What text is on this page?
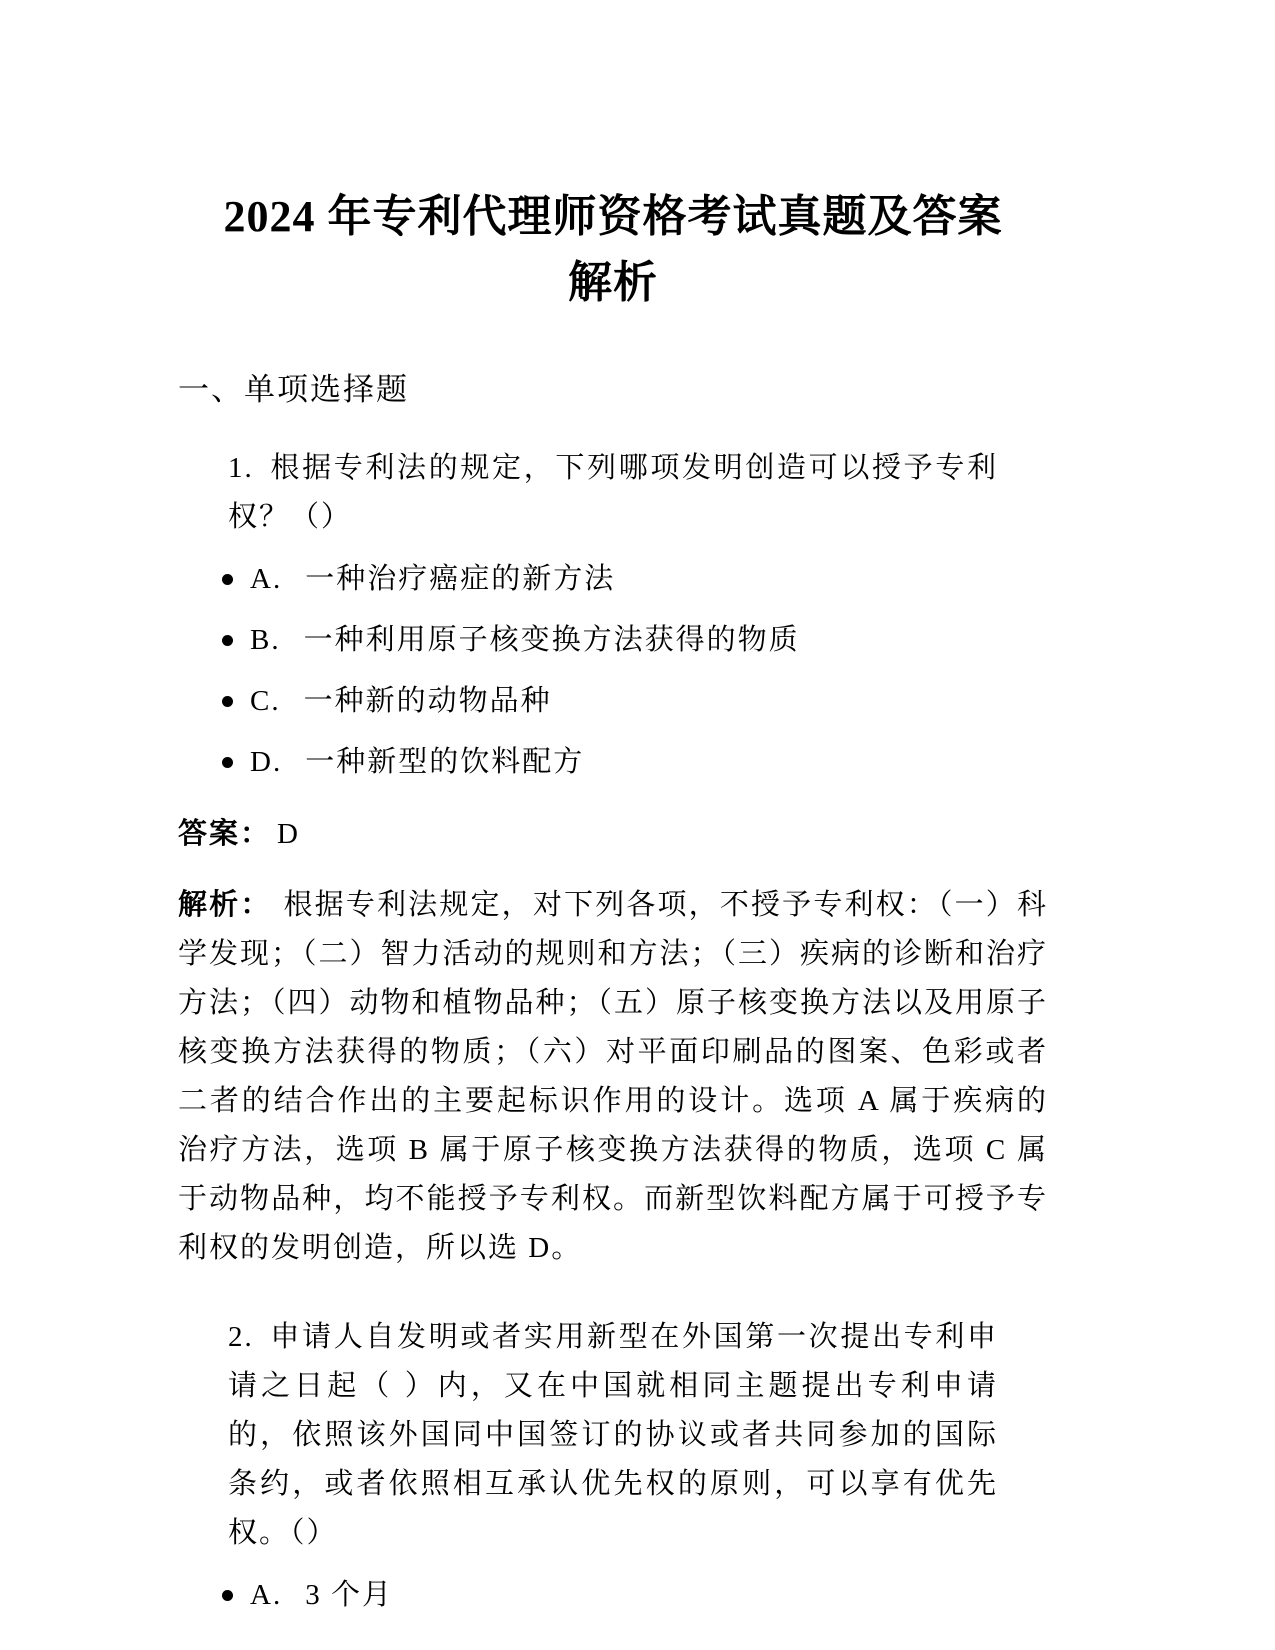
2024 年专利代理师资格考试真题及答案
解析
一、单项选择题

1. 根据专利法的规定，下列哪项发明创造可以授予专利权？（）

A. 一种治疗癌症的新方法
B. 一种利用原子核变换方法获得的物质
C. 一种新的动物品种
D. 一种新型的饮料配方

答案： D

解析： 根据专利法规定，对下列各项，不授予专利权：（一）科学发现；（二）智力活动的规则和方法；（三）疾病的诊断和治疗方法；（四）动物和植物品种；（五）原子核变换方法以及用原子核变换方法获得的物质；（六）对平面印刷品的图案、色彩或者二者的结合作出的主要起标识作用的设计。选项 A 属于疾病的治疗方法，选项 B 属于原子核变换方法获得的物质，选项 C 属于动物品种，均不能授予专利权。而新型饮料配方属于可授予专利权的发明创造，所以选 D。

2. 申请人自发明或者实用新型在外国第一次提出专利申请之日起（ ）内，又在中国就相同主题提出专利申请的，依照该外国同中国签订的协议或者共同参加的国际条约，或者依照相互承认优先权的原则，可以享有优先权。（）

A. 3 个月
